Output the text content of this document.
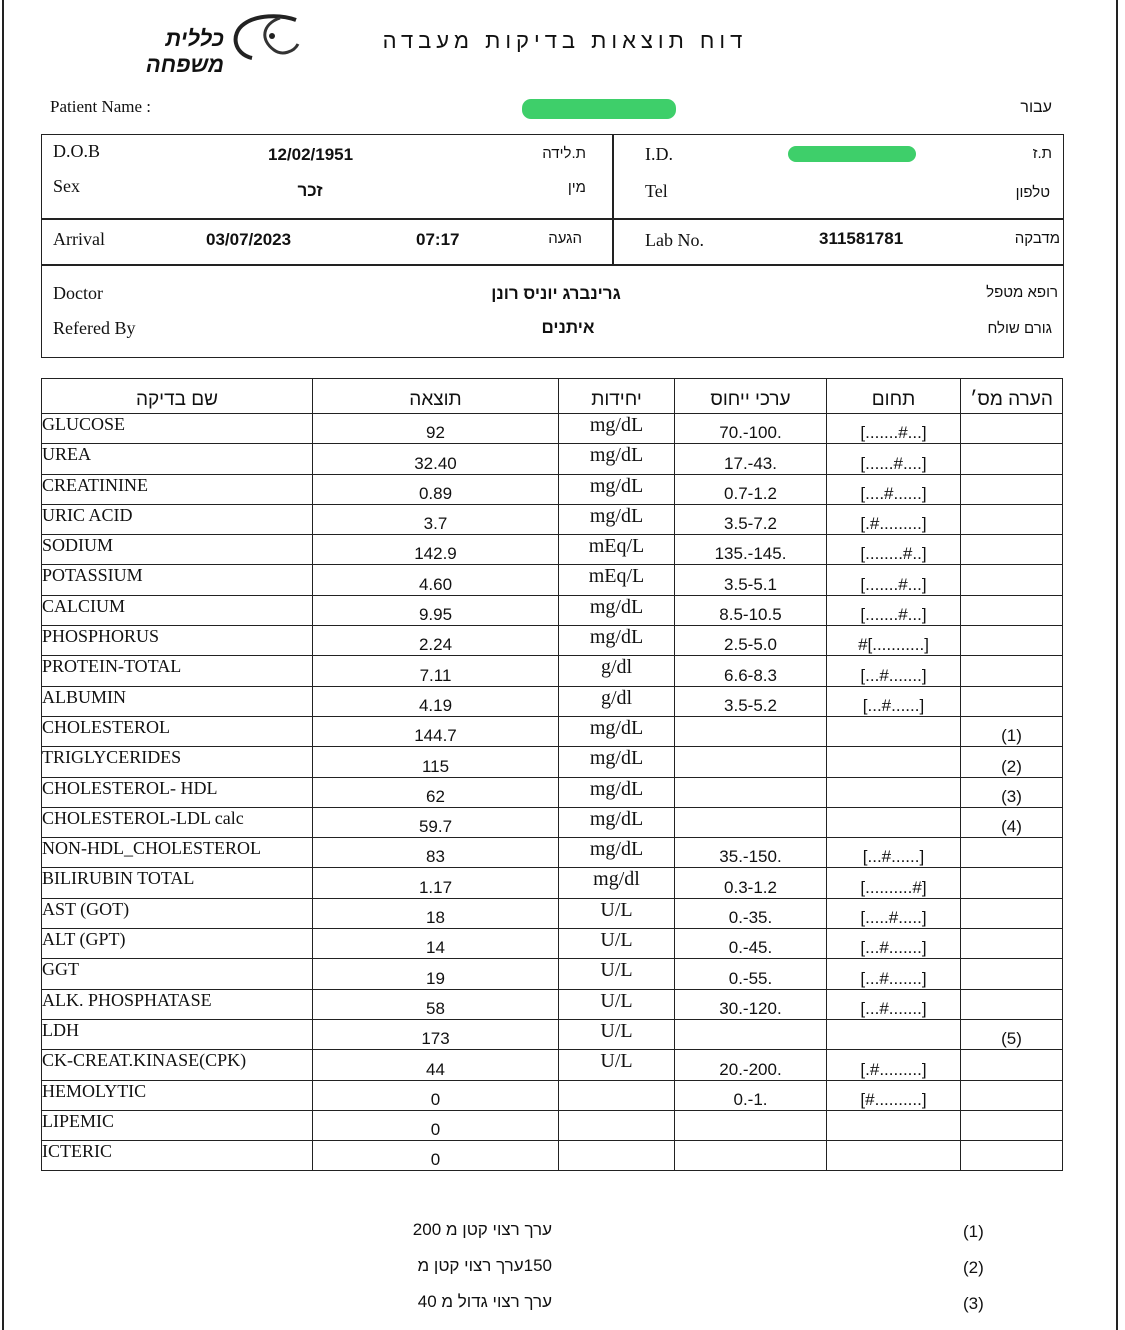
כללית משפחה
דוח תוצאות בדיקות מעבדה
Patient Name :	עבור
D.O.B	12/02/1951	ת.לידה
Sex	זכר	מין
I.D.	ת.ז
Tel	טלפון
Arrival	03/07/2023	07:17	הגעה	Lab No.	311581781	מדבקה
Doctor	גרינברג יוניס רונן	רופא מטפל
Refered By	איתנים	גורם שולח
שם בדיקה	תוצאה	יחידות	ערכי ייחוס	תחום	הערה מס׳
GLUCOSE	92	mg/dL	70.-100.	[.......#...]	
UREA	32.40	mg/dL	17.-43.	[......#....]	
CREATININE	0.89	mg/dL	0.7-1.2	[....#......]	
URIC ACID	3.7	mg/dL	3.5-7.2	[.#.........]	
SODIUM	142.9	mEq/L	135.-145.	[........#..]	
POTASSIUM	4.60	mEq/L	3.5-5.1	[.......#...]	
CALCIUM	9.95	mg/dL	8.5-10.5	[.......#...]	
PHOSPHORUS	2.24	mg/dL	2.5-5.0	#[...........]	
PROTEIN-TOTAL	7.11	g/dl	6.6-8.3	[...#.......]	
ALBUMIN	4.19	g/dl	3.5-5.2	[...#......]	
CHOLESTEROL	144.7	mg/dL			(1)
TRIGLYCERIDES	115	mg/dL			(2)
CHOLESTEROL- HDL	62	mg/dL			(3)
CHOLESTEROL-LDL calc	59.7	mg/dL			(4)
NON-HDL_CHOLESTEROL	83	mg/dL	35.-150.	[...#......]	
BILIRUBIN TOTAL	1.17	mg/dl	0.3-1.2	[..........#]	
AST (GOT)	18	U/L	0.-35.	[.....#.....]	
ALT (GPT)	14	U/L	0.-45.	[...#.......]	
GGT	19	U/L	0.-55.	[...#.......]	
ALK. PHOSPHATASE	58	U/L	30.-120.	[...#.......]	
LDH	173	U/L			(5)
CK-CREAT.KINASE(CPK)	44	U/L	20.-200.	[.#.........]	
HEMOLYTIC	0		0.-1.	[#..........]	
LIPEMIC	0				
ICTERIC	0				
ערך רצוי קטן מ 200	(1)
150ערך רצוי קטן מ	(2)
ערך רצוי גדול מ 40	(3)
